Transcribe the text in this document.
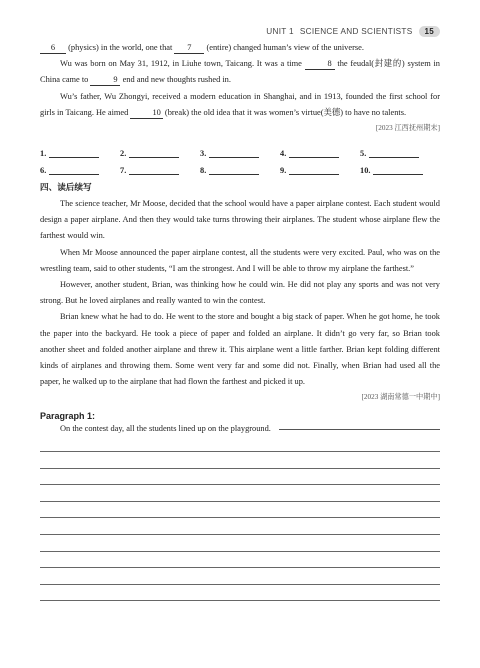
UNIT 1 SCIENCE AND SCIENTISTS	15

6 (physics) in the world, one that 7 (entire) changed human’s view of the universe.

Wu was born on May 31, 1912, in Liuhe town, Taicang. It was a time	8 the feudal(封建的) system in China came to	9 end and new thoughts rushed in.

Wu’s father, Wu Zhongyi, received a modern education in Shanghai, and in 1913, founded the first school for girls in Taicang. He aimed	10 (break) the old idea that it was women’s virtue(美德) to have no talents.

[2023 江西抚州期末]
1.	2.	3.	4.	5.
6.	7.	8.	9.	10.
四、读后续写

The science teacher, Mr Moose, decided that the school would have a paper airplane contest. Each student would design a paper airplane. And then they would take turns throwing their airplanes. The student whose airplane flew the farthest would win.

When Mr Moose announced the paper airplane contest, all the students were very excited. Paul, who was on the wrestling team, said to other students, “I am the strongest. And I will be able to throw my airplane the farthest.”

However, another student, Brian, was thinking how he could win. He did not play any sports and was not very strong. But he loved airplanes and really wanted to win the contest.

Brian knew what he had to do. He went to the store and bought a big stack of paper. When he got home, he took the paper into the backyard. He took a piece of paper and folded an airplane. It didn’t go very far, so Brian took another sheet and folded another airplane and threw it. This airplane went a little farther. Brian kept folding different kinds of airplanes and throwing them. Some went very far and some did not. Finally, when Brian had used all the paper, he walked up to the airplane that had flown the farthest and picked it up.

[2023 湖南常德一中期中]
Paragraph 1:
On the contest day, all the students lined up on the playground.
